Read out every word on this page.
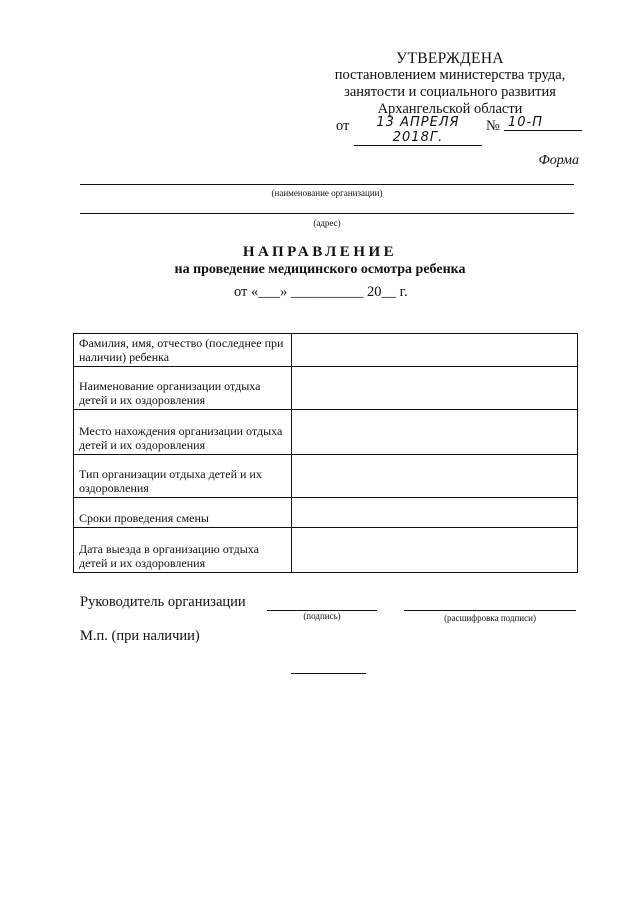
УТВЕРЖДЕНА
постановлением министерства труда,
занятости и социального развития
Архангельской области
от	13 АПРЕЛЯ 2018Г.
№ 10-П
Форма
(наименование организации)
(адрес)
НАПРАВЛЕНИЕ
на проведение медицинского осмотра ребенка
от «___» __________ 20__ г.
Фамилия, имя, отчество (последнее при наличии) ребенка	
Наименование организации отдыха детей и их оздоровления	
Место нахождения организации отдыха детей и их оздоровления	
Тип организации отдыха детей и их оздоровления	
Сроки проведения смены	
Дата выезда в организацию отдыха детей и их оздоровления	
Руководитель организации
(подпись)	(расшифровка подписи)
М.п. (при наличии)
